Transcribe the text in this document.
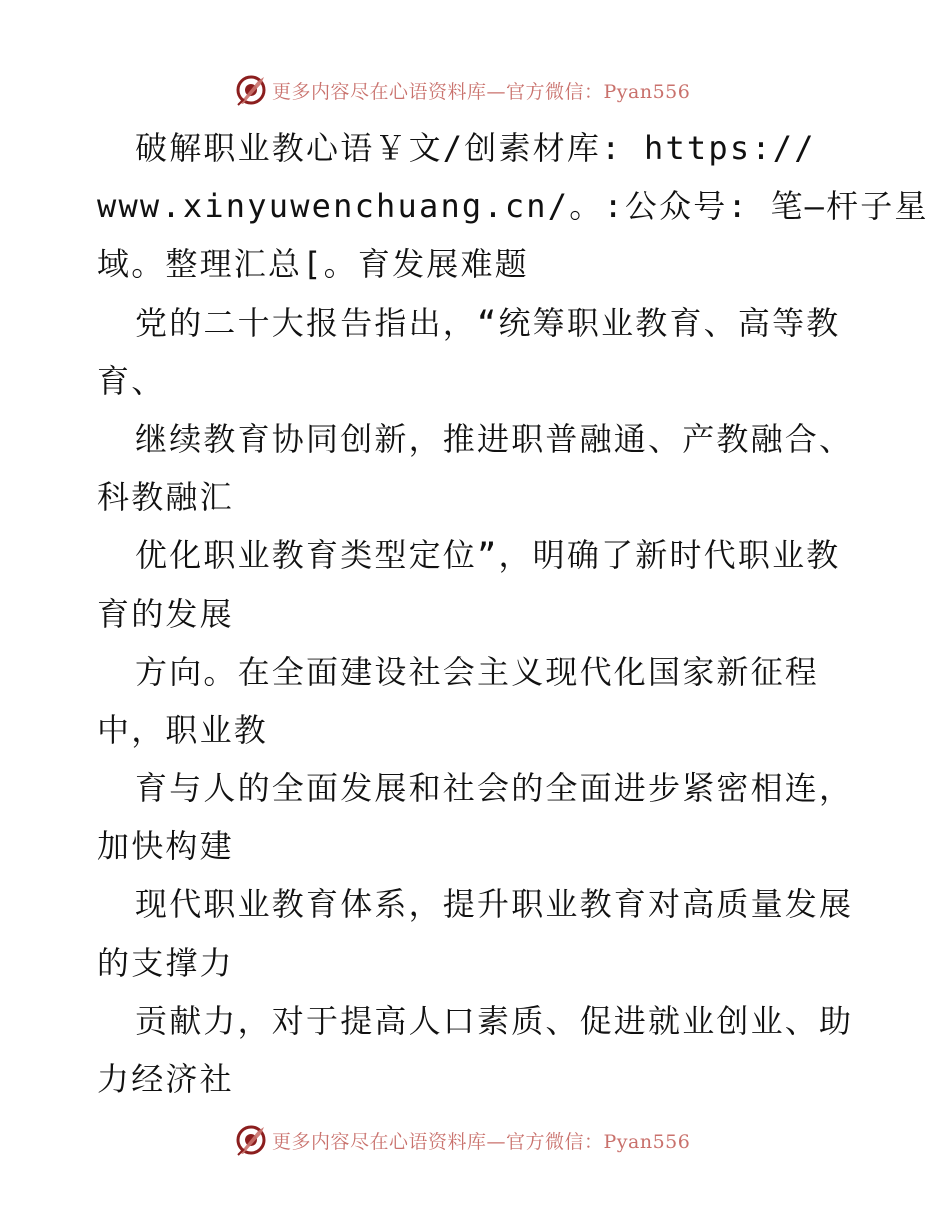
更多内容尽在心语资料库—官方微信：Pyan556
破解职业教心语￥文/创素材库: https://
www.xinyuwenchuang.cn/。:公众号: 笔—杆子星
域。整理汇总[。育发展难题
党的二十大报告指出，“统筹职业教育、高等教
育、
继续教育协同创新，推进职普融通、产教融合、
科教融汇
优化职业教育类型定位”，明确了新时代职业教
育的发展
方向。在全面建设社会主义现代化国家新征程
中，职业教
育与人的全面发展和社会的全面进步紧密相连，
加快构建
现代职业教育体系，提升职业教育对高质量发展
的支撑力
贡献力，对于提高人口素质、促进就业创业、助
力经济社
更多内容尽在心语资料库—官方微信：Pyan556
